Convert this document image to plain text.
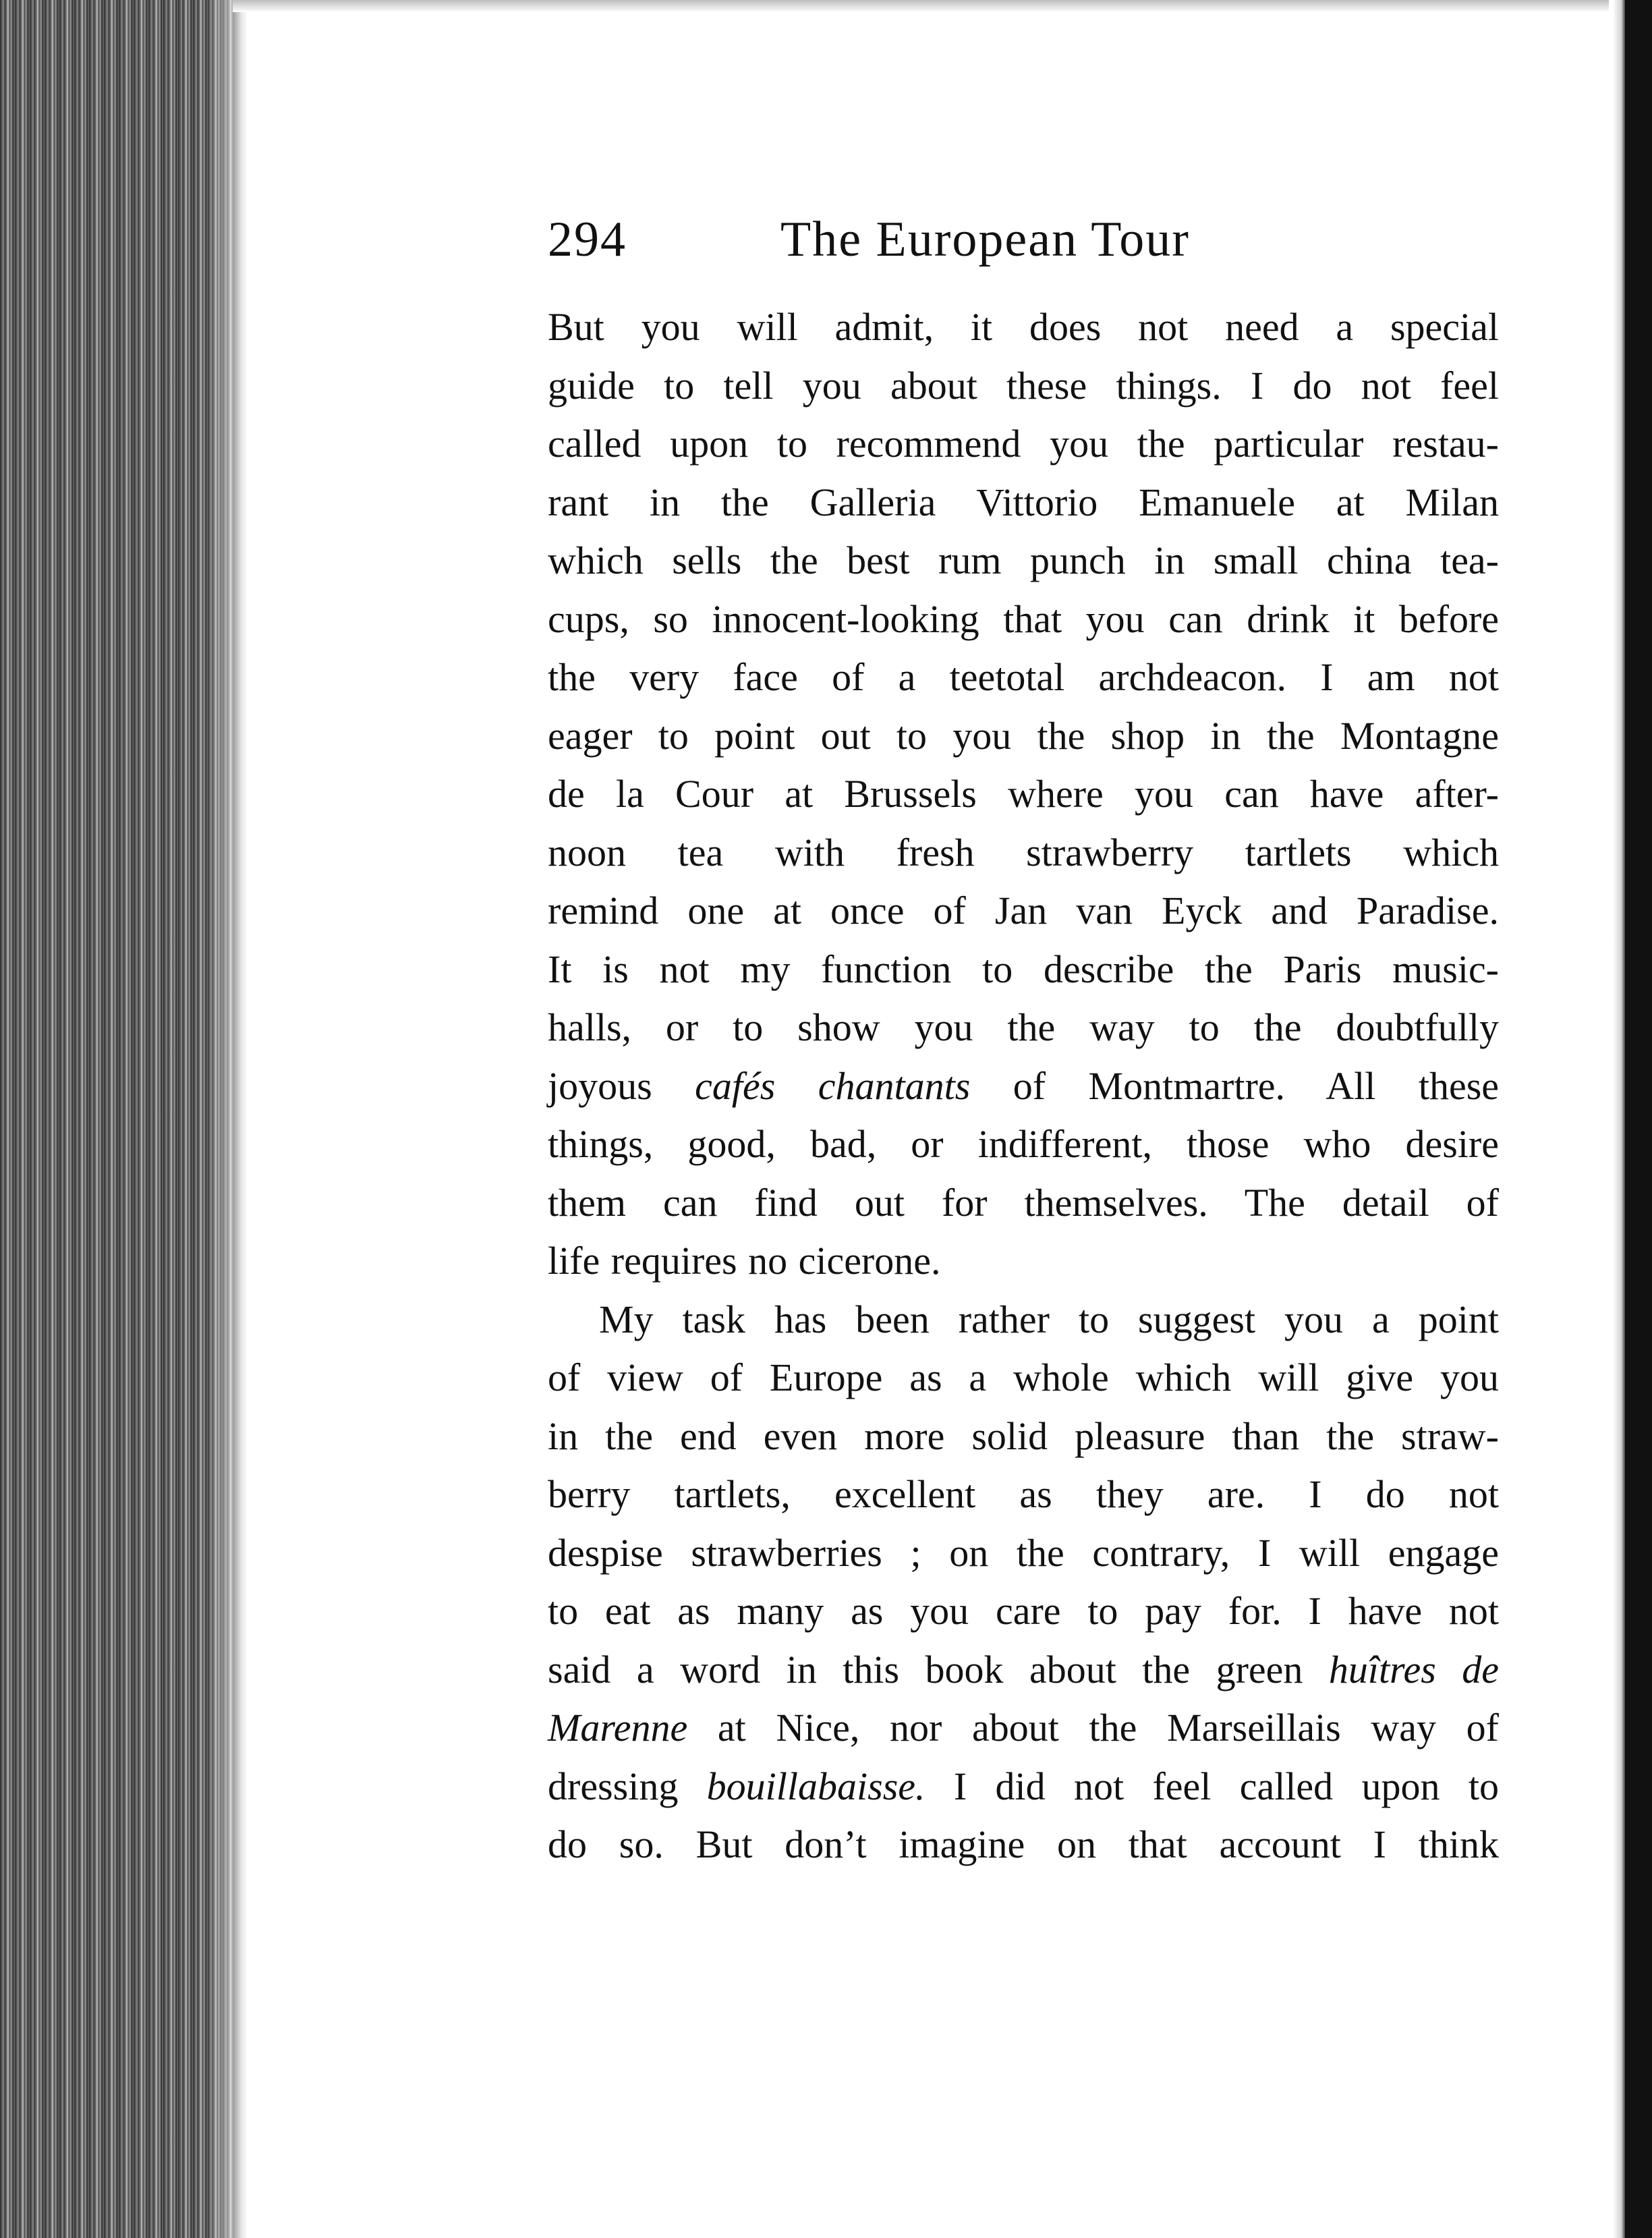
294	The European Tour
But you will admit, it does not need a special
guide to tell you about these things. I do not feel
called upon to recommend you the particular restau-
rant in the Galleria Vittorio Emanuele at Milan
which sells the best rum punch in small china tea-
cups, so innocent-looking that you can drink it before
the very face of a teetotal archdeacon. I am not
eager to point out to you the shop in the Montagne
de la Cour at Brussels where you can have after-
noon tea with fresh strawberry tartlets which
remind one at once of Jan van Eyck and Paradise.
It is not my function to describe the Paris music-
halls, or to show you the way to the doubtfully
joyous cafés chantants of Montmartre. All these
things, good, bad, or indifferent, those who desire
them can find out for themselves. The detail of
life requires no cicerone.
My task has been rather to suggest you a point
of view of Europe as a whole which will give you
in the end even more solid pleasure than the straw-
berry tartlets, excellent as they are. I do not
despise strawberries ; on the contrary, I will engage
to eat as many as you care to pay for. I have not
said a word in this book about the green huîtres de
Marenne at Nice, nor about the Marseillais way of
dressing bouillabaisse. I did not feel called upon to
do so. But don’t imagine on that account I think
